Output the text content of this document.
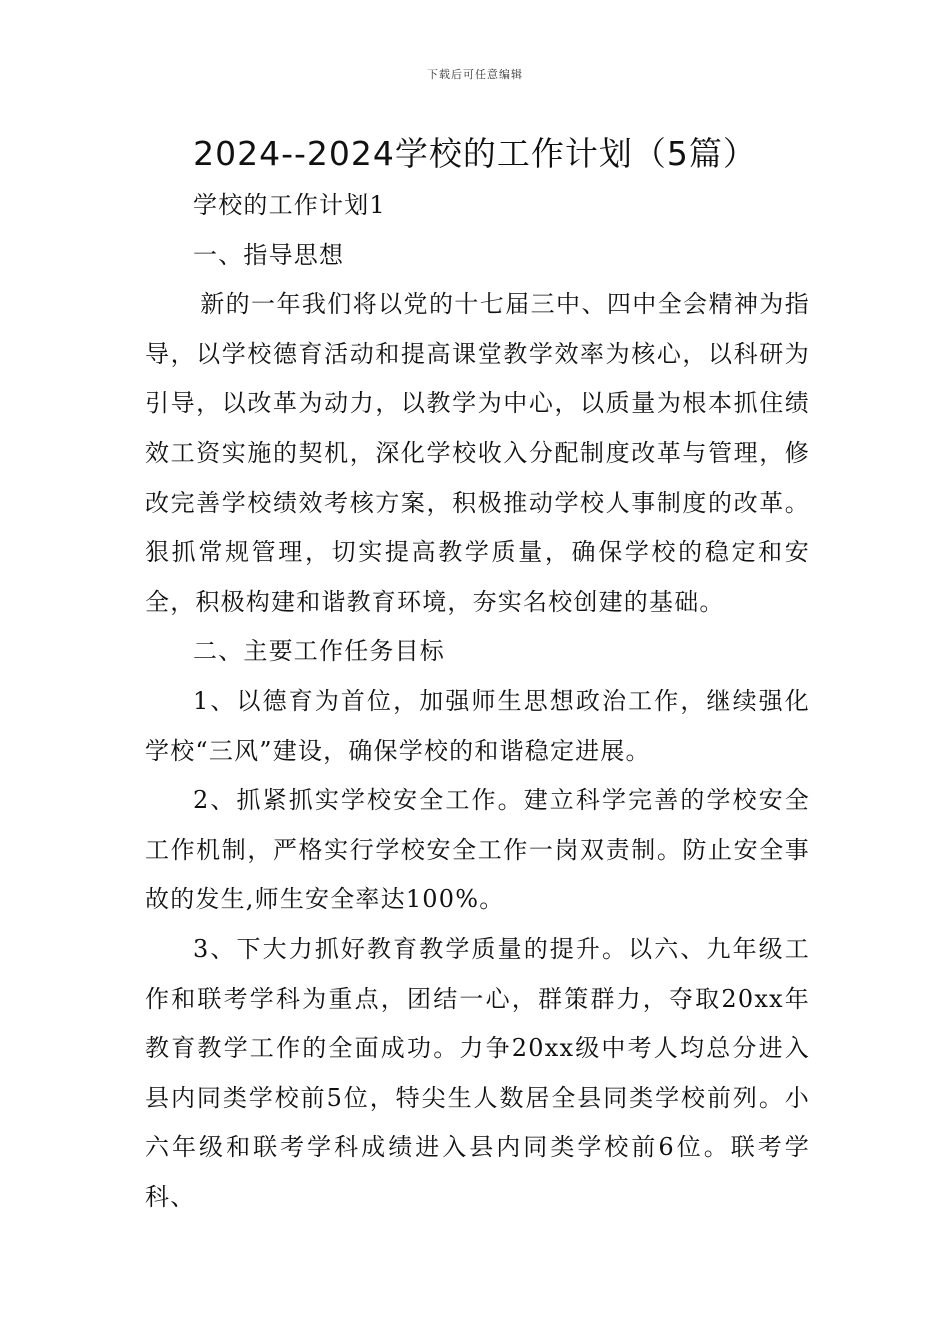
下载后可任意编辑
2024--2024学校的工作计划（5篇）

学校的工作计划1

一、指导思想

新的一年我们将以党的十七届三中、四中全会精神为指导，以学校德育活动和提高课堂教学效率为核心，以科研为引导，以改革为动力，以教学为中心，以质量为根本抓住绩效工资实施的契机，深化学校收入分配制度改革与管理，修改完善学校绩效考核方案，积极推动学校人事制度的改革。狠抓常规管理，切实提高教学质量，确保学校的稳定和安全，积极构建和谐教育环境，夯实名校创建的基础。

二、主要工作任务目标

1、以德育为首位，加强师生思想政治工作，继续强化学校“三风”建设，确保学校的和谐稳定进展。

2、抓紧抓实学校安全工作。建立科学完善的学校安全工作机制，严格实行学校安全工作一岗双责制。防止安全事故的发生,师生安全率达100%。

3、下大力抓好教育教学质量的提升。以六、九年级工作和联考学科为重点，团结一心，群策群力，夺取20xx年教育教学工作的全面成功。力争20xx级中考人均总分进入县内同类学校前5位，特尖生人数居全县同类学校前列。小六年级和联考学科成绩进入县内同类学校前6位。联考学科、
